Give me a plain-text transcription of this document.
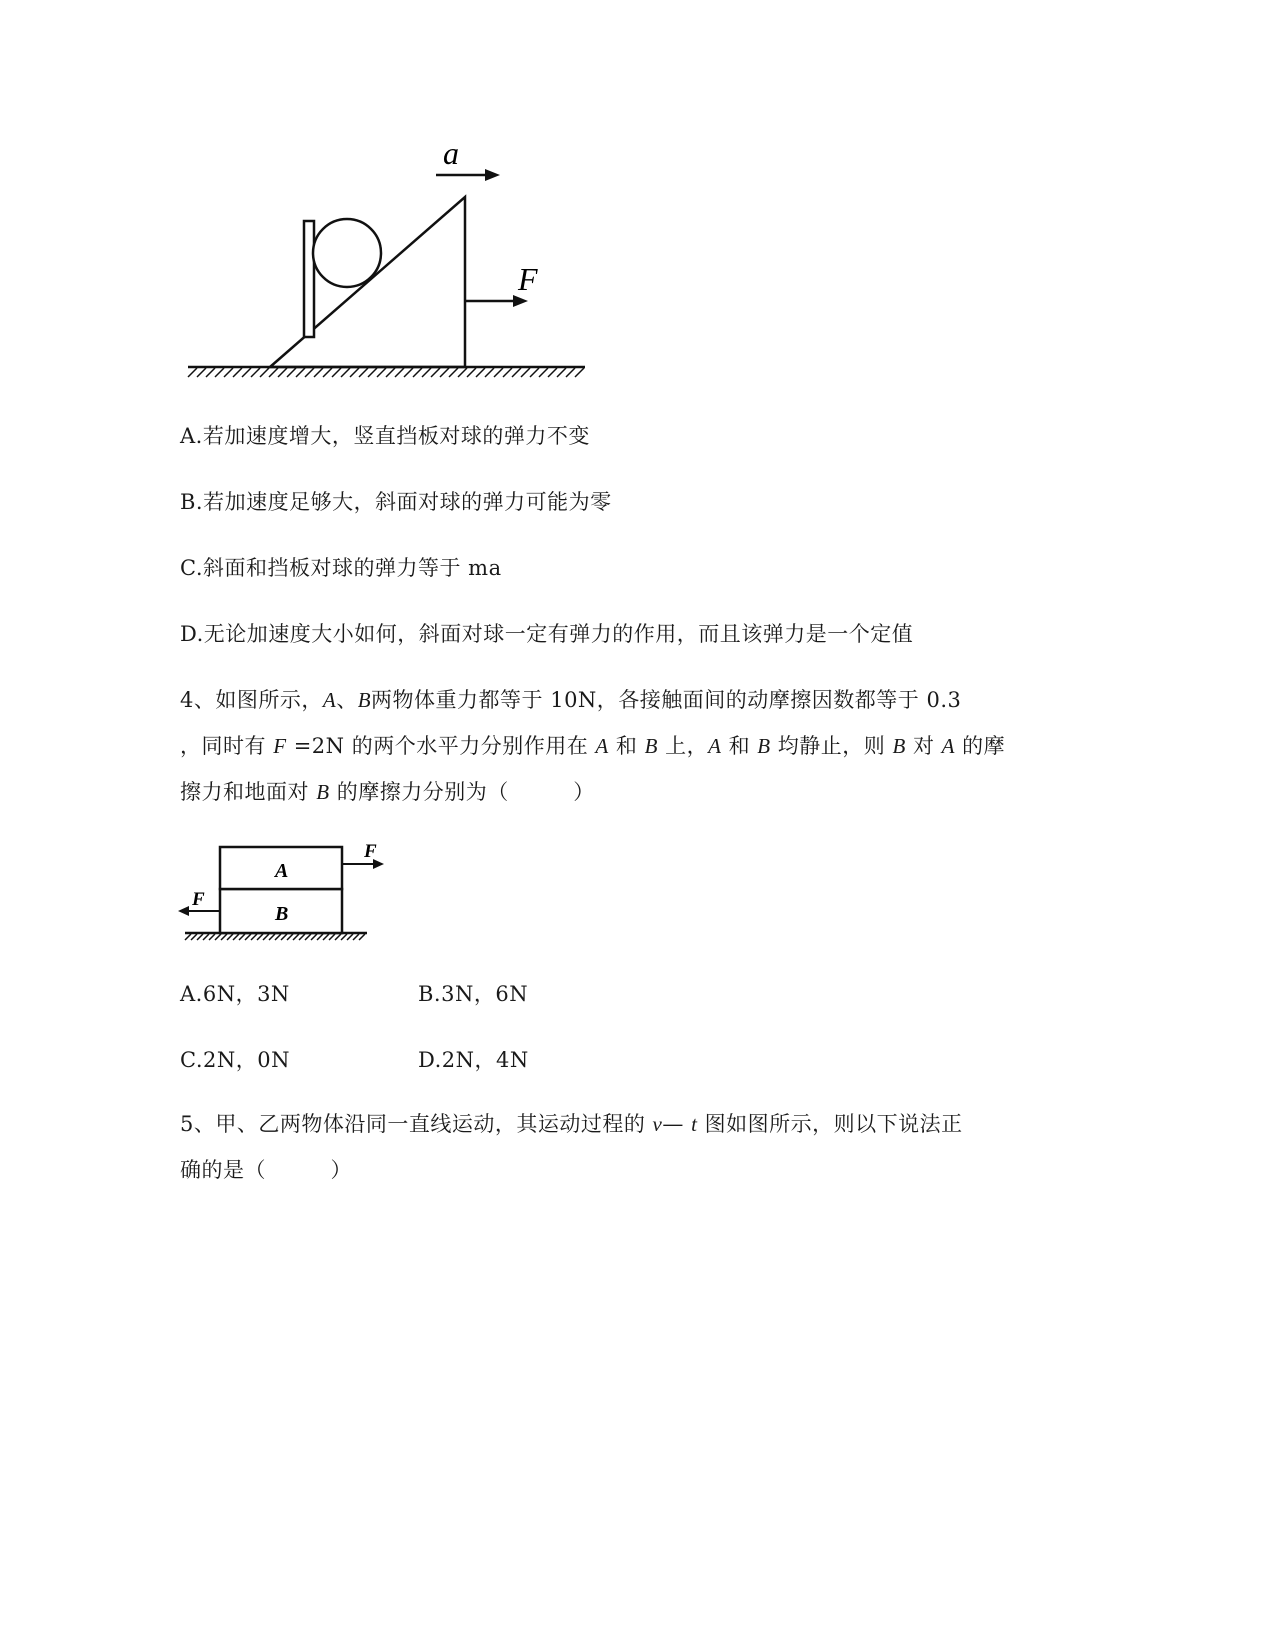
a
F
A.若加速度增大，竖直挡板对球的弹力不变
B.若加速度足够大，斜面对球的弹力可能为零
C.斜面和挡板对球的弹力等于 ma
D.无论加速度大小如何，斜面对球一定有弹力的作用，而且该弹力是一个定值
4、如图所示，A、B两物体重力都等于 10N，各接触面间的动摩擦因数都等于 0.3
，同时有 F =2N 的两个水平力分别作用在 A 和 B 上，A 和 B 均静止，则 B 对 A 的摩
擦力和地面对 B 的摩擦力分别为（　　　）
A
B
F
F
A.6N，3N	B.3N，6N
C.2N，0N	D.2N，4N
5、甲、乙两物体沿同一直线运动，其运动过程的 v— t 图如图所示，则以下说法正
确的是（　　　）
